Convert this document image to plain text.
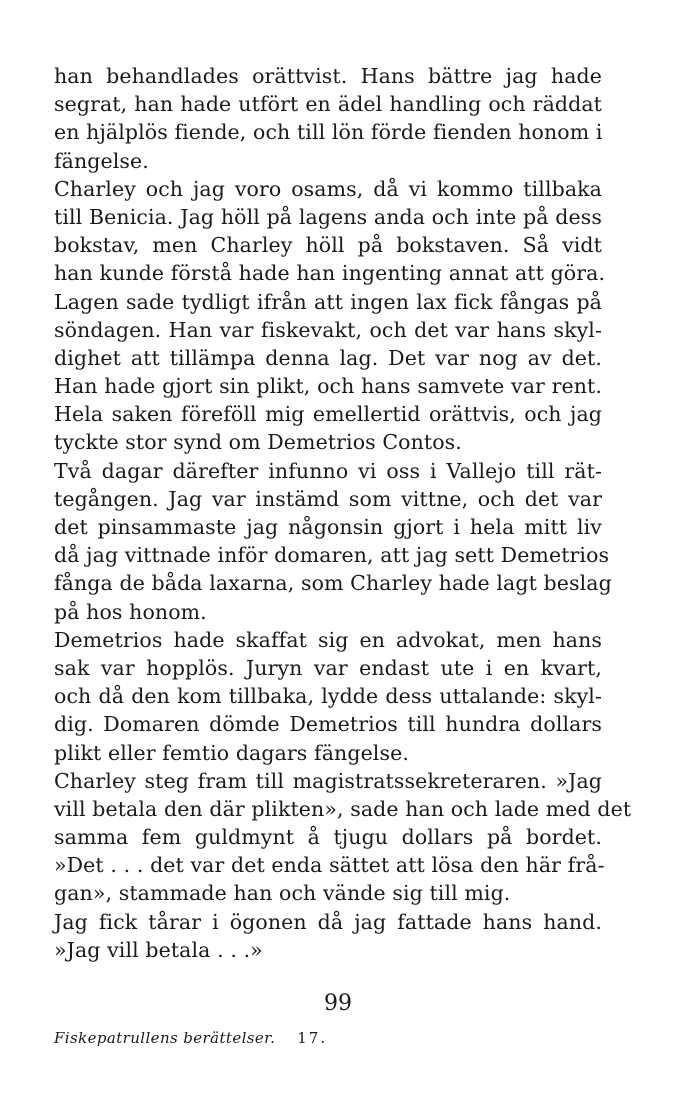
han behandlades orättvist. Hans bättre jag hade
segrat, han hade utfört en ädel handling och räddat
en hjälplös fiende, och till lön förde fienden honom i
fängelse.
Charley och jag voro osams, då vi kommo tillbaka
till Benicia. Jag höll på lagens anda och inte på dess
bokstav, men Charley höll på bokstaven. Så vidt
han kunde förstå hade han ingenting annat att göra.
Lagen sade tydligt ifrån att ingen lax fick fångas på
söndagen. Han var fiskevakt, och det var hans skyl-
dighet att tillämpa denna lag. Det var nog av det.
Han hade gjort sin plikt, och hans samvete var rent.
Hela saken föreföll mig emellertid orättvis, och jag
tyckte stor synd om Demetrios Contos.
Två dagar därefter infunno vi oss i Vallejo till rät-
tegången. Jag var instämd som vittne, och det var
det pinsammaste jag någonsin gjort i hela mitt liv
då jag vittnade inför domaren, att jag sett Demetrios
fånga de båda laxarna, som Charley hade lagt beslag
på hos honom.
Demetrios hade skaffat sig en advokat, men hans
sak var hopplös. Juryn var endast ute i en kvart,
och då den kom tillbaka, lydde dess uttalande: skyl-
dig. Domaren dömde Demetrios till hundra dollars
plikt eller femtio dagars fängelse.
Charley steg fram till magistratssekreteraren. »Jag
vill betala den där plikten», sade han och lade med det
samma fem guldmynt å tjugu dollars på bordet.
»Det . . . det var det enda sättet att lösa den här frå-
gan», stammade han och vände sig till mig.
Jag fick tårar i ögonen då jag fattade hans hand.
»Jag vill betala . . .»
99
Fiskepatrullens berättelser. 17.
